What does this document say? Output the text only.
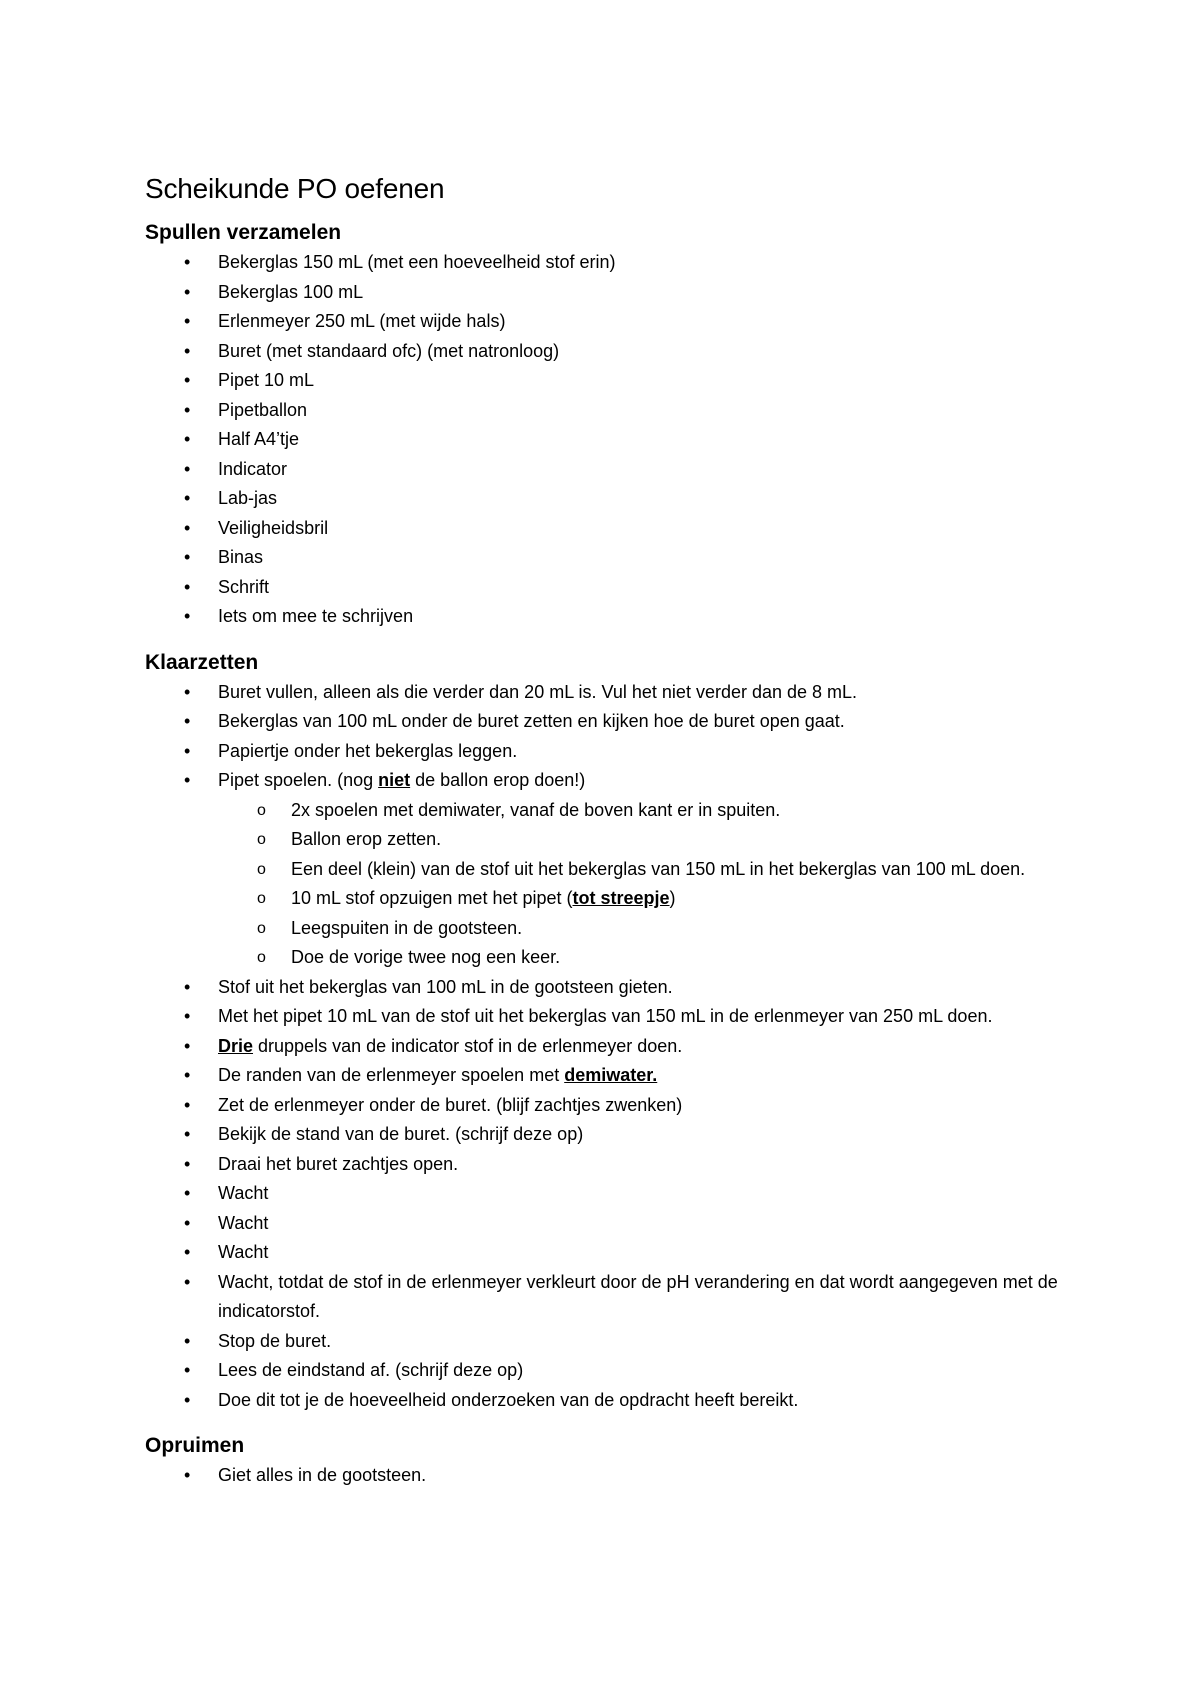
Scheikunde PO oefenen
Spullen verzamelen
• Bekerglas 150 mL (met een hoeveelheid stof erin)
• Bekerglas 100 mL
• Erlenmeyer 250 mL (met wijde hals)
• Buret (met standaard ofc) (met natronloog)
• Pipet 10 mL
• Pipetballon
• Half A4’tje
• Indicator
• Lab-jas
• Veiligheidsbril
• Binas
• Schrift
• Iets om mee te schrijven
Klaarzetten
• Buret vullen, alleen als die verder dan 20 mL is. Vul het niet verder dan de 8 mL.
• Bekerglas van 100 mL onder de buret zetten en kijken hoe de buret open gaat.
• Papiertje onder het bekerglas leggen.
• Pipet spoelen. (nog niet de ballon erop doen!)
o 2x spoelen met demiwater, vanaf de boven kant er in spuiten.
o Ballon erop zetten.
o Een deel (klein) van de stof uit het bekerglas van 150 mL in het bekerglas van 100 mL doen.
o 10 mL stof opzuigen met het pipet (tot streepje)
o Leegspuiten in de gootsteen.
o Doe de vorige twee nog een keer.
• Stof uit het bekerglas van 100 mL in de gootsteen gieten.
• Met het pipet 10 mL van de stof uit het bekerglas van 150 mL in de erlenmeyer van 250 mL doen.
• Drie druppels van de indicator stof in de erlenmeyer doen.
• De randen van de erlenmeyer spoelen met demiwater.
• Zet de erlenmeyer onder de buret. (blijf zachtjes zwenken)
• Bekijk de stand van de buret. (schrijf deze op)
• Draai het buret zachtjes open.
• Wacht
• Wacht
• Wacht
• Wacht, totdat de stof in de erlenmeyer verkleurt door de pH verandering en dat wordt aangegeven met de indicatorstof.
• Stop de buret.
• Lees de eindstand af. (schrijf deze op)
• Doe dit tot je de hoeveelheid onderzoeken van de opdracht heeft bereikt.
Opruimen
• Giet alles in de gootsteen.
